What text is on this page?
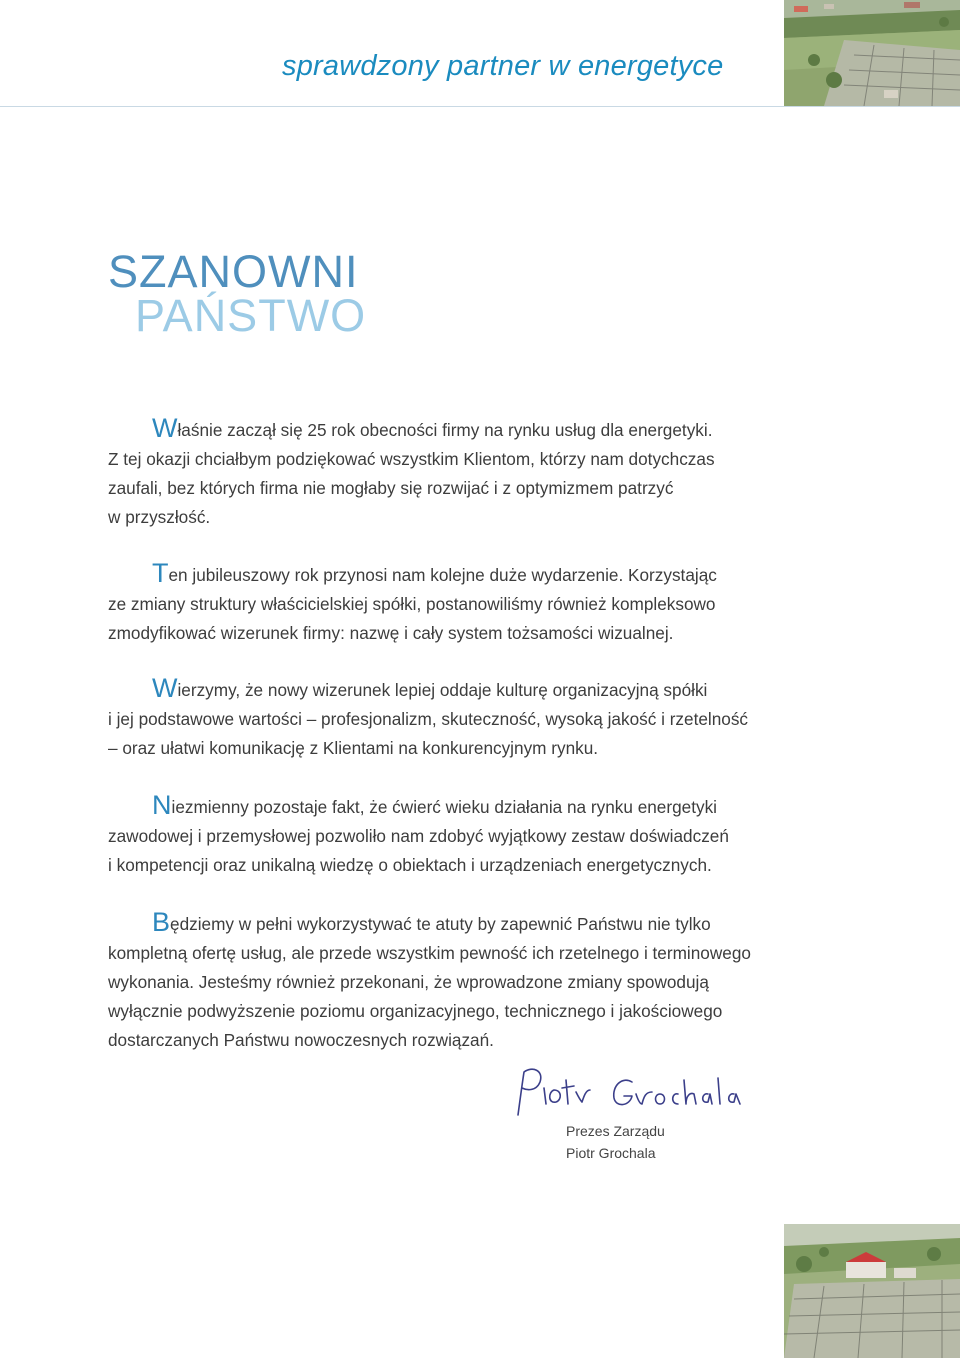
sprawdzony partner w energetyce
SZANOWNI
PAŃSTWO

Właśnie zaczął się 25 rok obecności firmy na rynku usług dla energetyki.
Z tej okazji chciałbym podziękować wszystkim Klientom, którzy nam dotychczas
zaufali, bez których firma nie mogłaby się rozwijać i z optymizmem patrzyć
w przyszłość.

Ten jubileuszowy rok przynosi nam kolejne duże wydarzenie. Korzystając
ze zmiany struktury właścicielskiej spółki, postanowiliśmy również kompleksowo
zmodyfikować wizerunek firmy: nazwę i cały system tożsamości wizualnej.

Wierzymy, że nowy wizerunek lepiej oddaje kulturę organizacyjną spółki
i jej podstawowe wartości – profesjonalizm, skuteczność, wysoką jakość i rzetelność
– oraz ułatwi komunikację z Klientami na konkurencyjnym rynku.

Niezmienny pozostaje fakt, że ćwierć wieku działania na rynku energetyki
zawodowej i przemysłowej pozwoliło nam zdobyć wyjątkowy zestaw doświadczeń
i kompetencji oraz unikalną wiedzę o obiektach i urządzeniach energetycznych.

Będziemy w pełni wykorzystywać te atuty by zapewnić Państwu nie tylko
kompletną ofertę usług, ale przede wszystkim pewność ich rzetelnego i terminowego
wykonania. Jesteśmy również przekonani, że wprowadzone zmiany spowodują
wyłącznie podwyższenie poziomu organizacyjnego, technicznego i jakościowego
dostarczanych Państwu nowoczesnych rozwiązań.

Prezes Zarządu
Piotr Grochala
